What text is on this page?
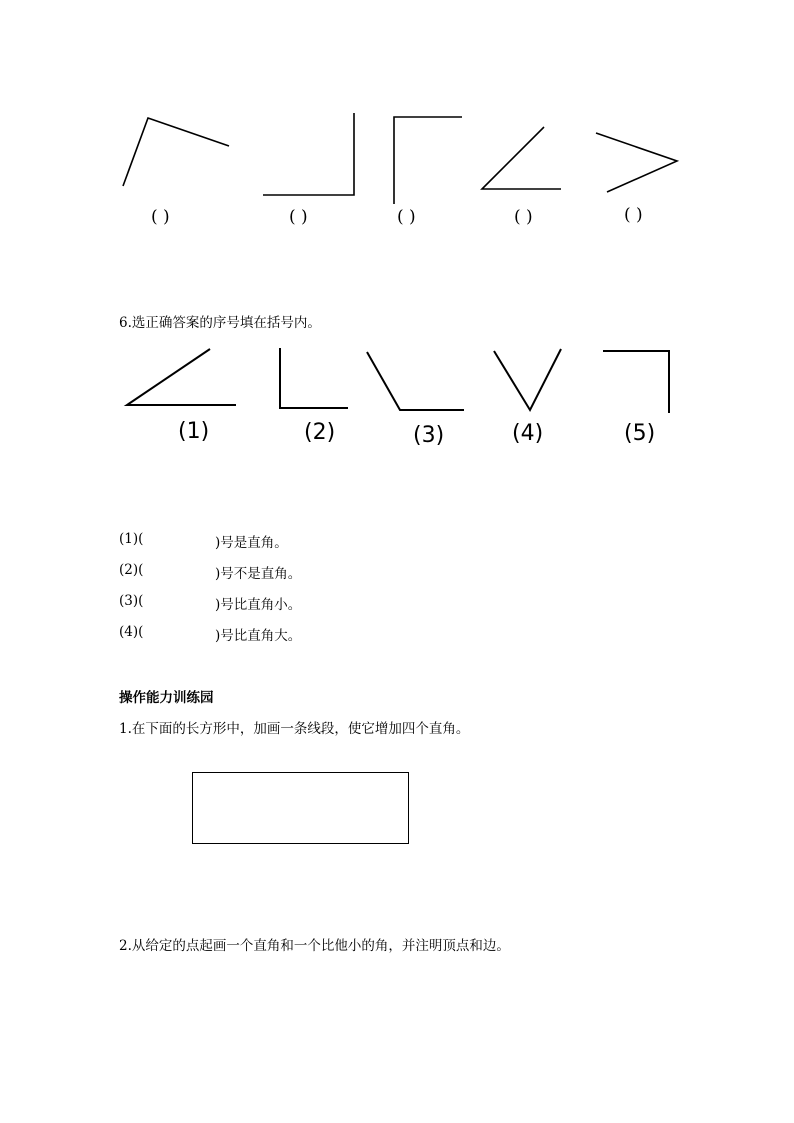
( )	( )	( )	( )	( )
6.选正确答案的序号填在括号内。
(1)	(2)	(3)	(4)	(5)
(1)(	)号是直角。
(2)(	)号不是直角。
(3)(	)号比直角小。
(4)(	)号比直角大。
操作能力训练园
1.在下面的长方形中，加画一条线段，使它增加四个直角。
2.从给定的点起画一个直角和一个比他小的角，并注明顶点和边。
